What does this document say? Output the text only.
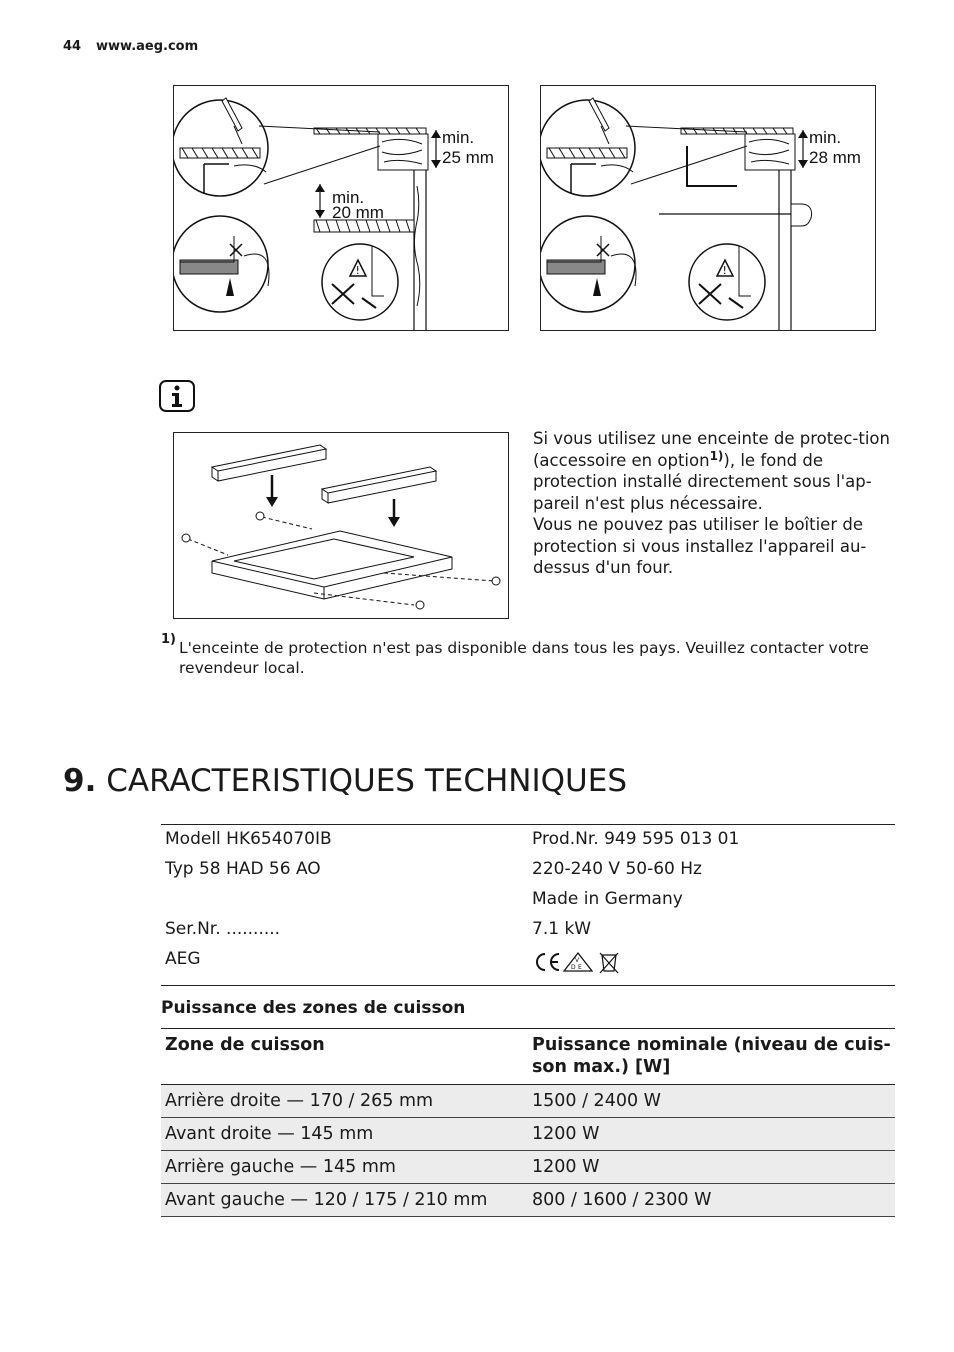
44 www.aeg.com
min.
25 mm
min.
20 mm
!
min.
28 mm
!

Si vous utilisez une enceinte de protec-tion (accessoire en option$^{1)}$), le fond de protection installé directement sous l'ap-pareil n'est plus nécessaire.

Vous ne pouvez pas utiliser le boîtier de protection si vous installez l'appareil au-dessus d'un four.

1) L'enceinte de protection n'est pas disponible dans tous les pays. Veuillez contacter votre revendeur local.
9. CARACTERISTIQUES TECHNIQUES
Modell HK654070IB	Prod.Nr. 949 595 013 01
Typ 58 HAD 56 AO	220-240 V 50-60 Hz
	Made in Germany
Ser.Nr. ..........	7.1 kW
AEG	V
D E
Puissance des zones de cuisson
Zone de cuisson	Puissance nominale (niveau de cuis-son max.) [W]
Arrière droite — 170 / 265 mm	1500 / 2400 W
Avant droite — 145 mm	1200 W
Arrière gauche — 145 mm	1200 W
Avant gauche — 120 / 175 / 210 mm	800 / 1600 / 2300 W
